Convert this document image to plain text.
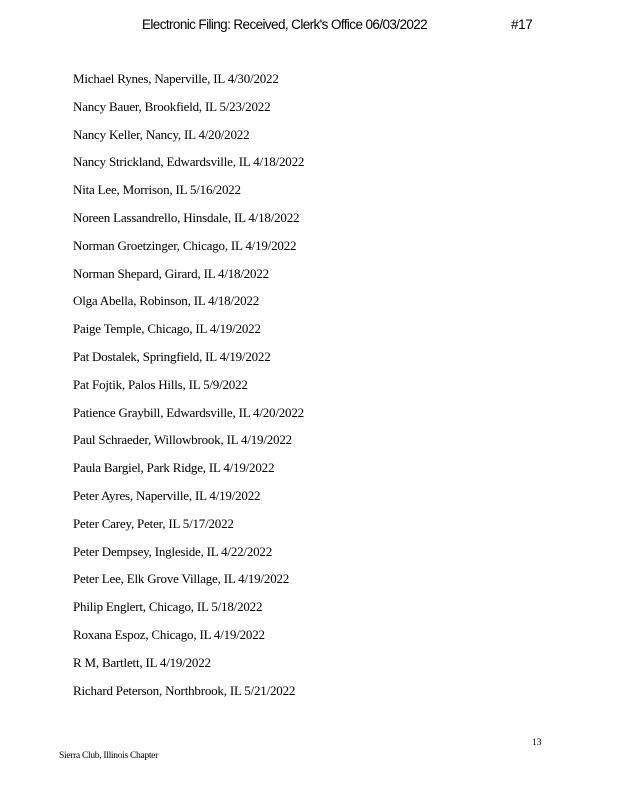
Electronic Filing: Received, Clerk's Office 06/03/2022	#17
Michael Rynes, Naperville, IL 4/30/2022
Nancy Bauer, Brookfield, IL 5/23/2022
Nancy Keller, Nancy, IL 4/20/2022
Nancy Strickland, Edwardsville, IL 4/18/2022
Nita Lee, Morrison, IL 5/16/2022
Noreen Lassandrello, Hinsdale, IL 4/18/2022
Norman Groetzinger, Chicago, IL 4/19/2022
Norman Shepard, Girard, IL 4/18/2022
Olga Abella, Robinson, IL 4/18/2022
Paige Temple, Chicago, IL 4/19/2022
Pat Dostalek, Springfield, IL 4/19/2022
Pat Fojtik, Palos Hills, IL 5/9/2022
Patience Graybill, Edwardsville, IL 4/20/2022
Paul Schraeder, Willowbrook, IL 4/19/2022
Paula Bargiel, Park Ridge, IL 4/19/2022
Peter Ayres, Naperville, IL 4/19/2022
Peter Carey, Peter, IL 5/17/2022
Peter Dempsey, Ingleside, IL 4/22/2022
Peter Lee, Elk Grove Village, IL 4/19/2022
Philip Englert, Chicago, IL 5/18/2022
Roxana Espoz, Chicago, IL 4/19/2022
R M, Bartlett, IL 4/19/2022
Richard Peterson, Northbrook, IL 5/21/2022
13
Sierra Club, Illinois Chapter
